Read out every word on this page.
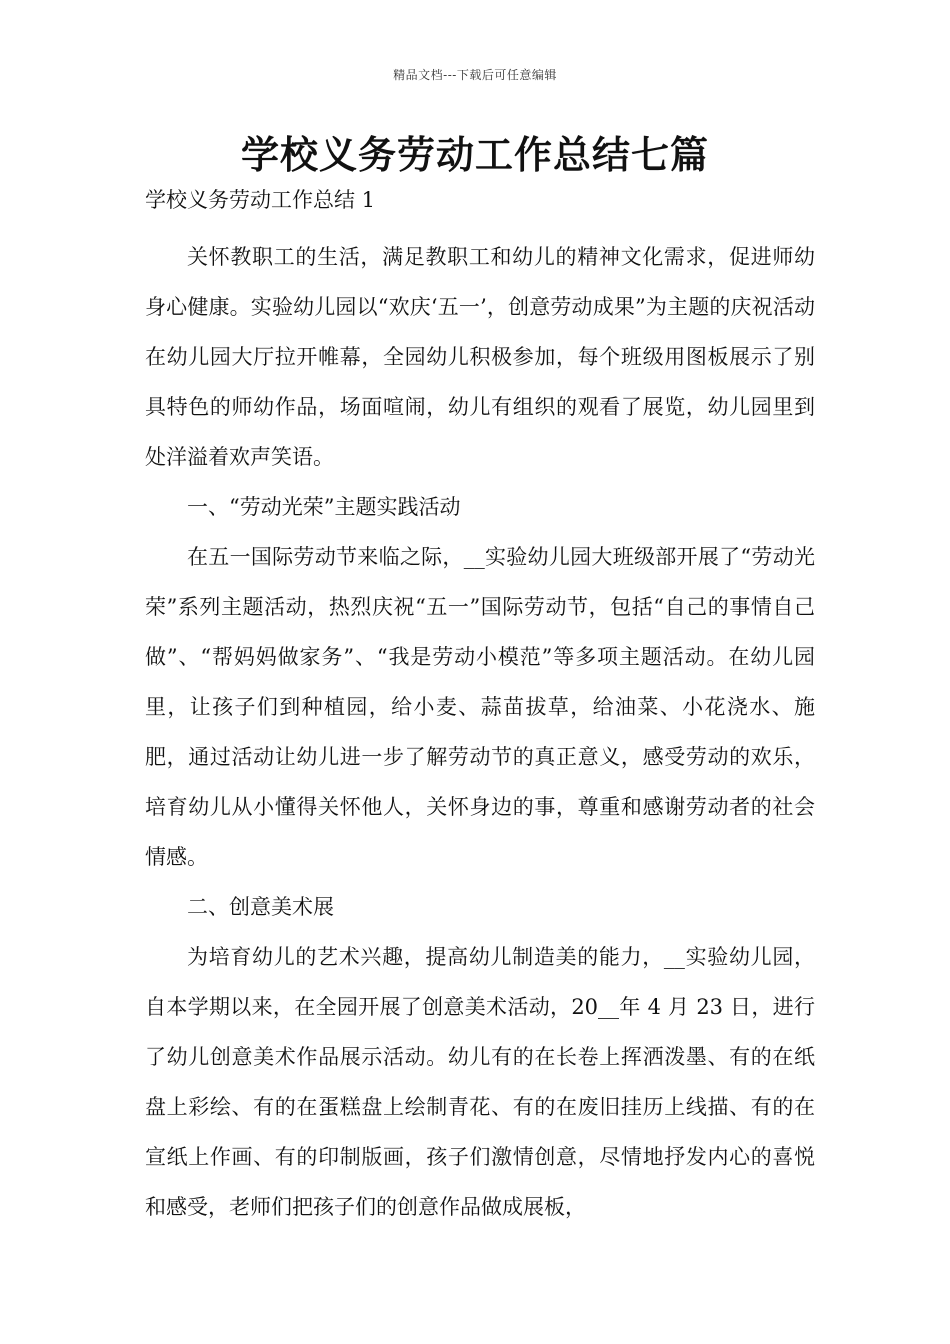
精品文档---下载后可任意编辑
学校义务劳动工作总结七篇

学校义务劳动工作总结 1

关怀教职工的生活，满足教职工和幼儿的精神文化需求，促进师幼身心健康。实验幼儿园以“欢庆‘五一’，创意劳动成果”为主题的庆祝活动在幼儿园大厅拉开帷幕，全园幼儿积极参加，每个班级用图板展示了别具特色的师幼作品，场面喧闹，幼儿有组织的观看了展览，幼儿园里到处洋溢着欢声笑语。

一、“劳动光荣”主题实践活动

在五一国际劳动节来临之际，__实验幼儿园大班级部开展了“劳动光荣”系列主题活动，热烈庆祝“五一”国际劳动节，包括“自己的事情自己做”、“帮妈妈做家务”、“我是劳动小模范”等多项主题活动。在幼儿园里，让孩子们到种植园，给小麦、蒜苗拔草，给油菜、小花浇水、施肥，通过活动让幼儿进一步了解劳动节的真正意义，感受劳动的欢乐，培育幼儿从小懂得关怀他人，关怀身边的事，尊重和感谢劳动者的社会情感。

二、创意美术展

为培育幼儿的艺术兴趣，提高幼儿制造美的能力，__实验幼儿园，自本学期以来，在全园开展了创意美术活动，20__年 4 月 23 日，进行了幼儿创意美术作品展示活动。幼儿有的在长卷上挥洒泼墨、有的在纸盘上彩绘、有的在蛋糕盘上绘制青花、有的在废旧挂历上线描、有的在宣纸上作画、有的印制版画，孩子们激情创意，尽情地抒发内心的喜悦和感受，老师们把孩子们的创意作品做成展板，
